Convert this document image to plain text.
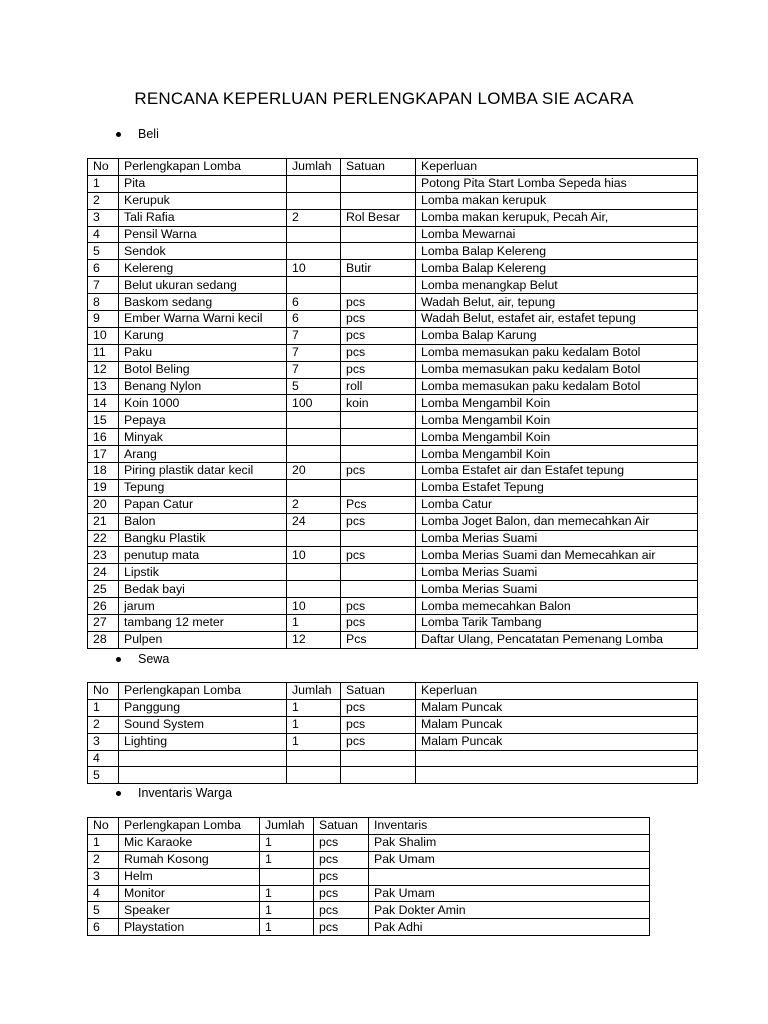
RENCANA KEPERLUAN PERLENGKAPAN LOMBA SIE ACARA
Beli
No	Perlengkapan Lomba	Jumlah	Satuan	Keperluan
1	Pita			Potong Pita Start Lomba Sepeda hias
2	Kerupuk			Lomba makan kerupuk
3	Tali Rafia	2	Rol Besar	Lomba makan kerupuk, Pecah Air,
4	Pensil Warna			Lomba Mewarnai
5	Sendok			Lomba Balap Kelereng
6	Kelereng	10	Butir	Lomba Balap Kelereng
7	Belut ukuran sedang			Lomba menangkap Belut
8	Baskom sedang	6	pcs	Wadah Belut, air, tepung
9	Ember Warna Warni kecil	6	pcs	Wadah Belut, estafet air, estafet tepung
10	Karung	7	pcs	Lomba Balap Karung
11	Paku	7	pcs	Lomba memasukan paku kedalam Botol
12	Botol Beling	7	pcs	Lomba memasukan paku kedalam Botol
13	Benang Nylon	5	roll	Lomba memasukan paku kedalam Botol
14	Koin 1000	100	koin	Lomba Mengambil Koin
15	Pepaya			Lomba Mengambil Koin
16	Minyak			Lomba Mengambil Koin
17	Arang			Lomba Mengambil Koin
18	Piring plastik datar kecil	20	pcs	Lomba Estafet air dan Estafet tepung
19	Tepung			Lomba Estafet Tepung
20	Papan Catur	2	Pcs	Lomba Catur
21	Balon	24	pcs	Lomba Joget Balon, dan memecahkan Air
22	Bangku Plastik			Lomba Merias Suami
23	penutup mata	10	pcs	Lomba Merias Suami dan Memecahkan air
24	Lipstik			Lomba Merias Suami
25	Bedak bayi			Lomba Merias Suami
26	jarum	10	pcs	Lomba memecahkan Balon
27	tambang 12 meter	1	pcs	Lomba Tarik Tambang
28	Pulpen	12	Pcs	Daftar Ulang, Pencatatan Pemenang Lomba
Sewa
No	Perlengkapan Lomba	Jumlah	Satuan	Keperluan
1	Panggung	1	pcs	Malam Puncak
2	Sound System	1	pcs	Malam Puncak
3	Lighting	1	pcs	Malam Puncak
4				
5				
Inventaris Warga
No	Perlengkapan Lomba	Jumlah	Satuan	Inventaris
1	Mic Karaoke	1	pcs	Pak Shalim
2	Rumah Kosong	1	pcs	Pak Umam
3	Helm		pcs	
4	Monitor	1	pcs	Pak Umam
5	Speaker	1	pcs	Pak Dokter Amin
6	Playstation	1	pcs	Pak Adhi
